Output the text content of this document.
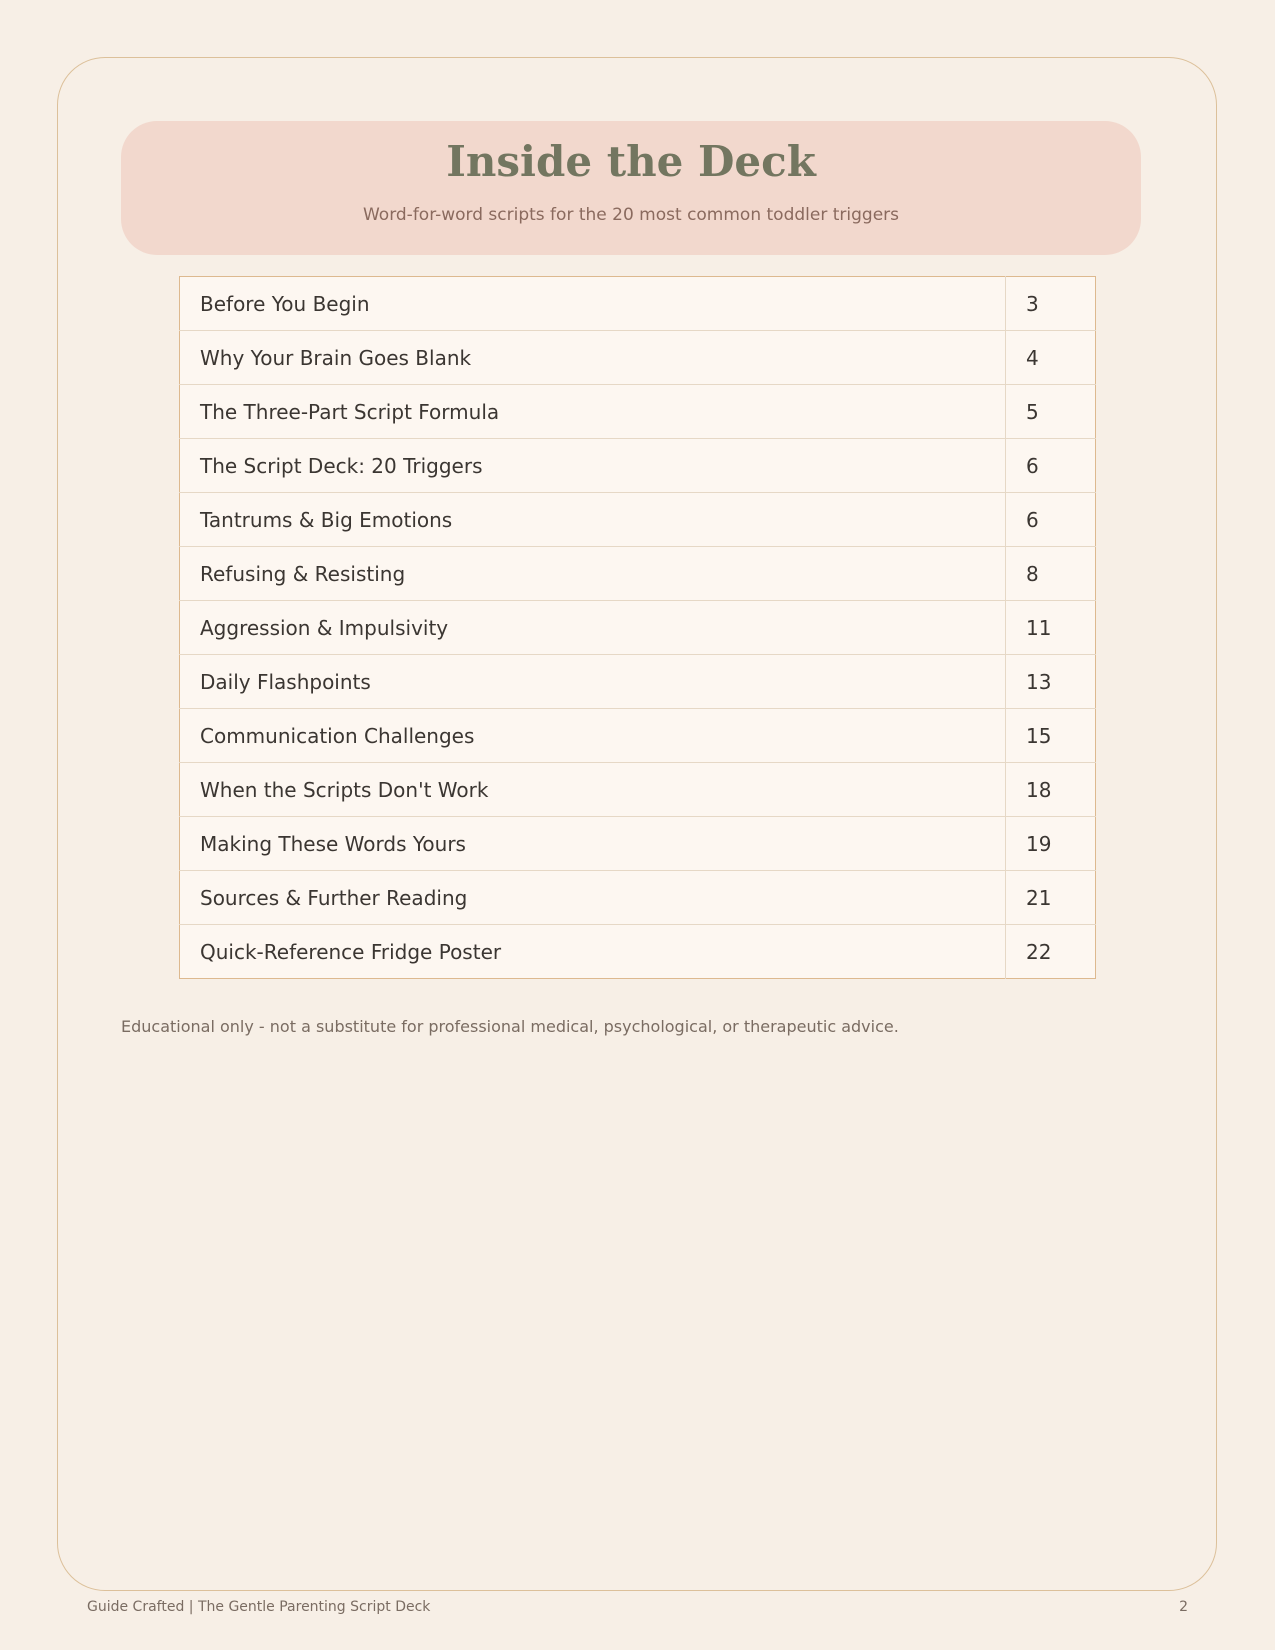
Inside the Deck
Word-for-word scripts for the 20 most common toddler triggers
Before You Begin	3
Why Your Brain Goes Blank	4
The Three-Part Script Formula	5
The Script Deck: 20 Triggers	6
Tantrums & Big Emotions	6
Refusing & Resisting	8
Aggression & Impulsivity	11
Daily Flashpoints	13
Communication Challenges	15
When the Scripts Don't Work	18
Making These Words Yours	19
Sources & Further Reading	21
Quick-Reference Fridge Poster	22
Educational only - not a substitute for professional medical, psychological, or therapeutic advice.
Guide Crafted | The Gentle Parenting Script Deck	2
